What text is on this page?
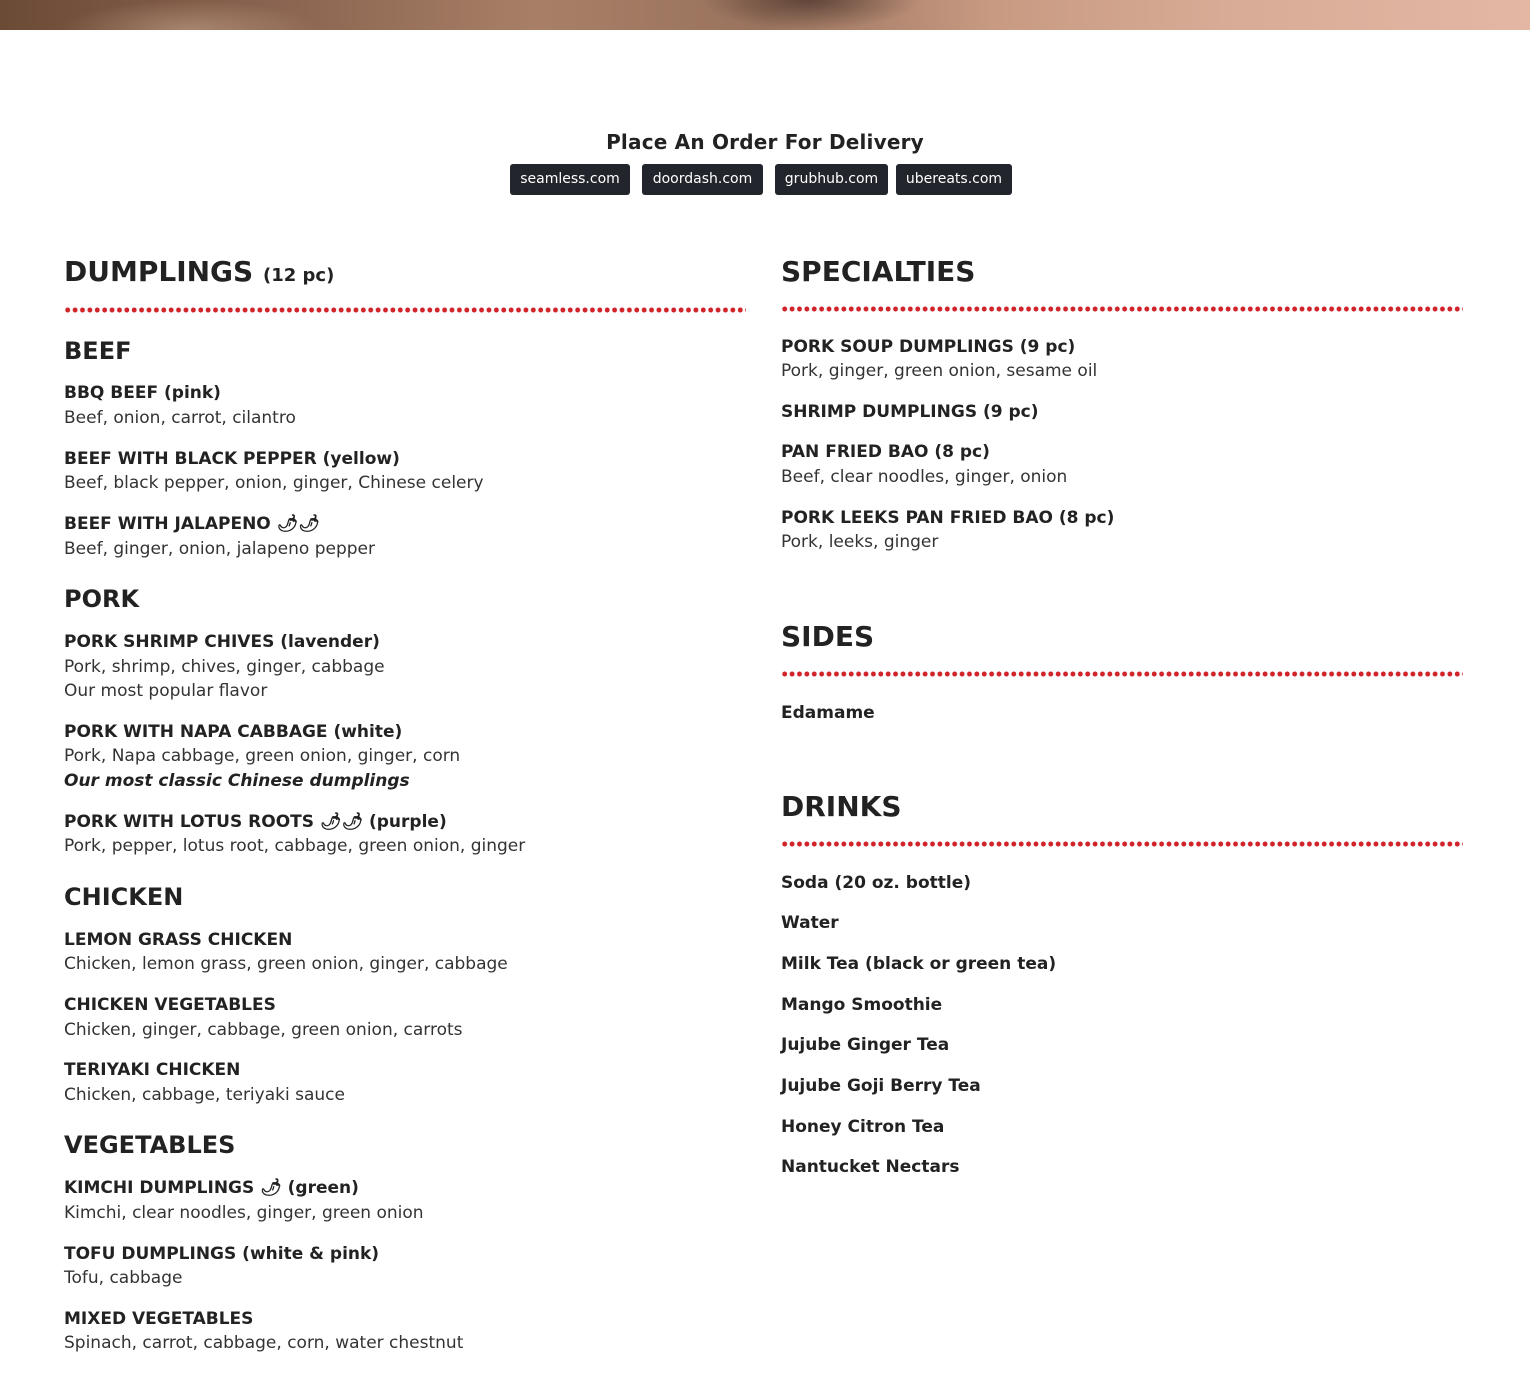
Place An Order For Delivery
seamless.com	doordash.com	grubhub.com	ubereats.com
DUMPLINGS (12 pc)
BEEF
BBQ BEEF (pink)
Beef, onion, carrot, cilantro
BEEF WITH BLACK PEPPER (yellow)
Beef, black pepper, onion, ginger, Chinese celery
BEEF WITH JALAPENO 🌶🌶
Beef, ginger, onion, jalapeno pepper
PORK
PORK SHRIMP CHIVES (lavender)
Pork, shrimp, chives, ginger, cabbage
Our most popular flavor
PORK WITH NAPA CABBAGE (white)
Pork, Napa cabbage, green onion, ginger, corn
Our most classic Chinese dumplings
PORK WITH LOTUS ROOTS 🌶🌶 (purple)
Pork, pepper, lotus root, cabbage, green onion, ginger
CHICKEN
LEMON GRASS CHICKEN
Chicken, lemon grass, green onion, ginger, cabbage
CHICKEN VEGETABLES
Chicken, ginger, cabbage, green onion, carrots
TERIYAKI CHICKEN
Chicken, cabbage, teriyaki sauce
VEGETABLES
KIMCHI DUMPLINGS 🌶 (green)
Kimchi, clear noodles, ginger, green onion
TOFU DUMPLINGS (white & pink)
Tofu, cabbage
MIXED VEGETABLES
Spinach, carrot, cabbage, corn, water chestnut
SPECIALTIES
PORK SOUP DUMPLINGS (9 pc)
Pork, ginger, green onion, sesame oil
SHRIMP DUMPLINGS (9 pc)
PAN FRIED BAO (8 pc)
Beef, clear noodles, ginger, onion
PORK LEEKS PAN FRIED BAO (8 pc)
Pork, leeks, ginger
SIDES
Edamame
DRINKS
Soda (20 oz. bottle)
Water
Milk Tea (black or green tea)
Mango Smoothie
Jujube Ginger Tea
Jujube Goji Berry Tea
Honey Citron Tea
Nantucket Nectars
